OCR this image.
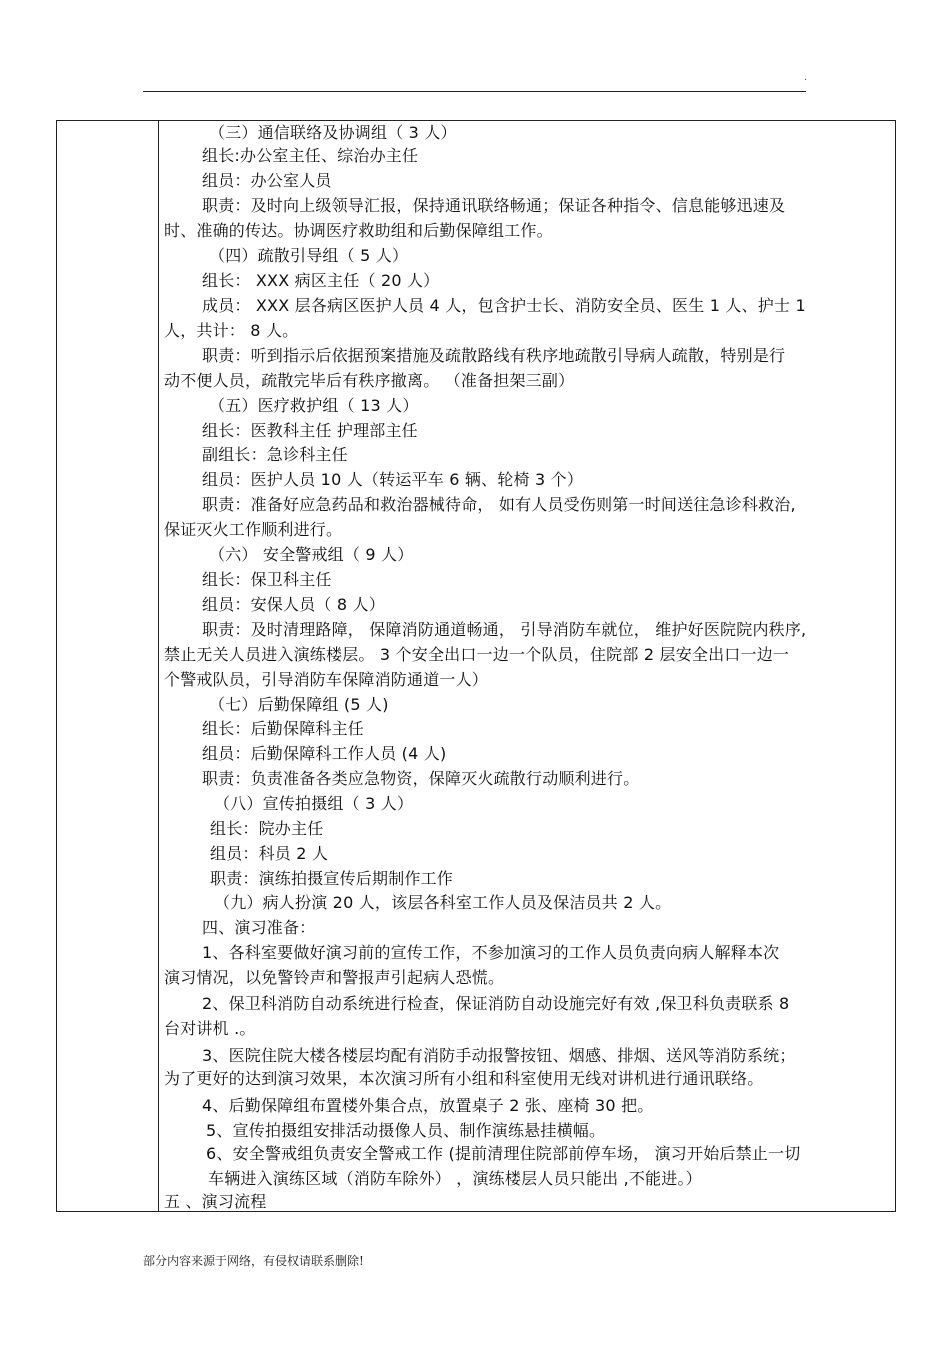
.
（三）通信联络及协调组（ 3 人）
组长:办公室主任、综治办主任
组员：办公室人员
职责：及时向上级领导汇报，保持通讯联络畅通；保证各种指令、信息能够迅速及
时、准确的传达。协调医疗救助组和后勤保障组工作。
（四）疏散引导组（ 5 人）
组长： XXX 病区主任（ 20 人）
成员： XXX 层各病区医护人员 4 人，包含护士长、消防安全员、医生 1 人、护士 1
人，共计： 8 人。
职责：听到指示后依据预案措施及疏散路线有秩序地疏散引导病人疏散，特别是行
动不便人员，疏散完毕后有秩序撤离。 （准备担架三副）
（五）医疗救护组（ 13 人）
组长：医教科主任 护理部主任
副组长：急诊科主任
组员：医护人员 10 人（转运平车 6 辆、轮椅 3 个）
职责：准备好应急药品和救治器械待命， 如有人员受伤则第一时间送往急诊科救治,
保证灭火工作顺利进行。
（六） 安全警戒组（ 9 人）
组长：保卫科主任
组员：安保人员（ 8 人）
职责：及时清理路障， 保障消防通道畅通， 引导消防车就位， 维护好医院院内秩序,
禁止无关人员进入演练楼层。 3 个安全出口一边一个队员，住院部 2 层安全出口一边一
个警戒队员，引导消防车保障消防通道一人）
（七）后勤保障组 (5 人)
组长：后勤保障科主任
组员：后勤保障科工作人员 (4 人)
职责：负责准备各类应急物资，保障灭火疏散行动顺利进行。
（八）宣传拍摄组（ 3 人）
组长：院办主任
组员：科员 2 人
职责：演练拍摄宣传后期制作工作
（九）病人扮演 20 人，该层各科室工作人员及保洁员共 2 人。
四、演习准备：
1、各科室要做好演习前的宣传工作，不参加演习的工作人员负责向病人解释本次
演习情况，以免警铃声和警报声引起病人恐慌。
2、保卫科消防自动系统进行检查，保证消防自动设施完好有效 ,保卫科负责联系 8
台对讲机 .。
3、医院住院大楼各楼层均配有消防手动报警按钮、烟感、排烟、送风等消防系统；
为了更好的达到演习效果，本次演习所有小组和科室使用无线对讲机进行通讯联络。
4、后勤保障组布置楼外集合点，放置桌子 2 张、座椅 30 把。
5、宣传拍摄组安排活动摄像人员、制作演练悬挂横幅。
6、安全警戒组负责安全警戒工作 (提前清理住院部前停车场， 演习开始后禁止一切
车辆进入演练区域（消防车除外） ，演练楼层人员只能出 ,不能进。）
五 、演习流程
部分内容来源于网络，有侵权请联系删除!
